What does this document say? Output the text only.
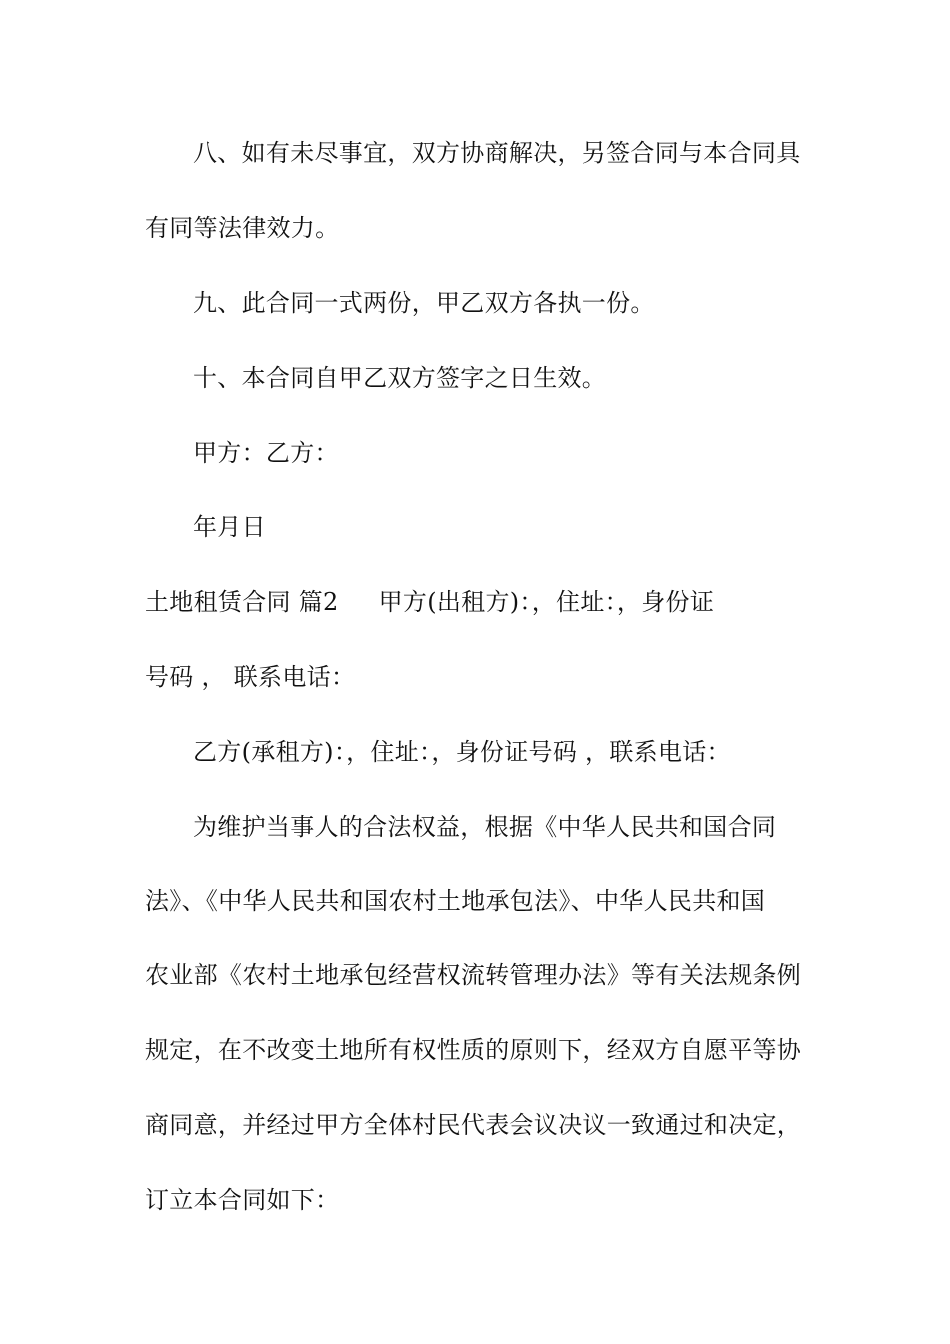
八、如有未尽事宜，双方协商解决，另签合同与本合同具
有同等法律效力。
九、此合同一式两份，甲乙双方各执一份。
十、本合同自甲乙双方签字之日生效。
甲方：乙方：
年月日
土地租赁合同 篇2 甲方(出租方)：，住址：，身份证
号码 ， 联系电话：
乙方(承租方)：，住址：，身份证号码 ，联系电话：
为维护当事人的合法权益，根据《中华人民共和国合同
法》、《中华人民共和国农村土地承包法》、中华人民共和国
农业部《农村土地承包经营权流转管理办法》等有关法规条例
规定，在不改变土地所有权性质的原则下，经双方自愿平等协
商同意，并经过甲方全体村民代表会议决议一致通过和决定，
订立本合同如下：
